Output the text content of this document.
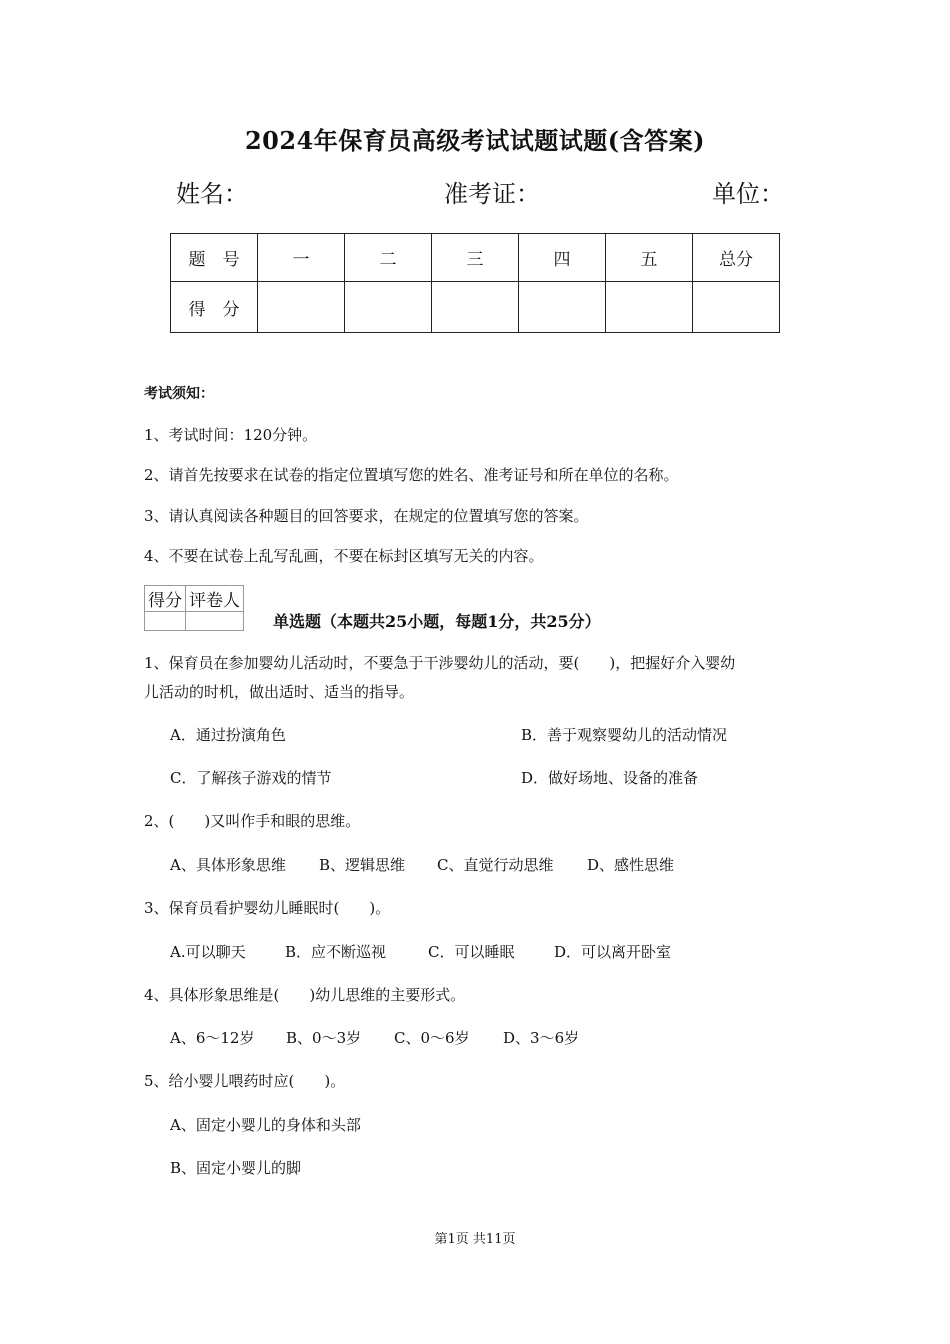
2024年保育员高级考试试题试题(含答案)
姓名：	准考证：	单位：
题　号	一	二	三	四	五	总分
得　分						
考试须知：
1、考试时间：120分钟。
2、请首先按要求在试卷的指定位置填写您的姓名、准考证号和所在单位的名称。
3、请认真阅读各种题目的回答要求，在规定的位置填写您的答案。
4、不要在试卷上乱写乱画，不要在标封区填写无关的内容。
得分	评卷人

单选题（本题共25小题，每题1分，共25分）
1、保育员在参加婴幼儿活动时，不要急于干涉婴幼儿的活动，要(　　)，把握好介入婴幼
儿活动的时机，做出适时、适当的指导。
A．通过扮演角色	B．善于观察婴幼儿的活动情况
C．了解孩子游戏的情节	D．做好场地、设备的准备
2、(　　)又叫作手和眼的思维。
A、具体形象思维 B、逻辑思维 C、直觉行动思维 D、感性思维
3、保育员看护婴幼儿睡眠时(　　)。
A.可以聊天	B．应不断巡视	C．可以睡眠	D．可以离开卧室
4、具体形象思维是(　　)幼儿思维的主要形式。
A、6～12岁 B、0～3岁 C、0～6岁 D、3～6岁
5、给小婴儿喂药时应(　　)。
A、固定小婴儿的身体和头部
B、固定小婴儿的脚
第1页 共11页
